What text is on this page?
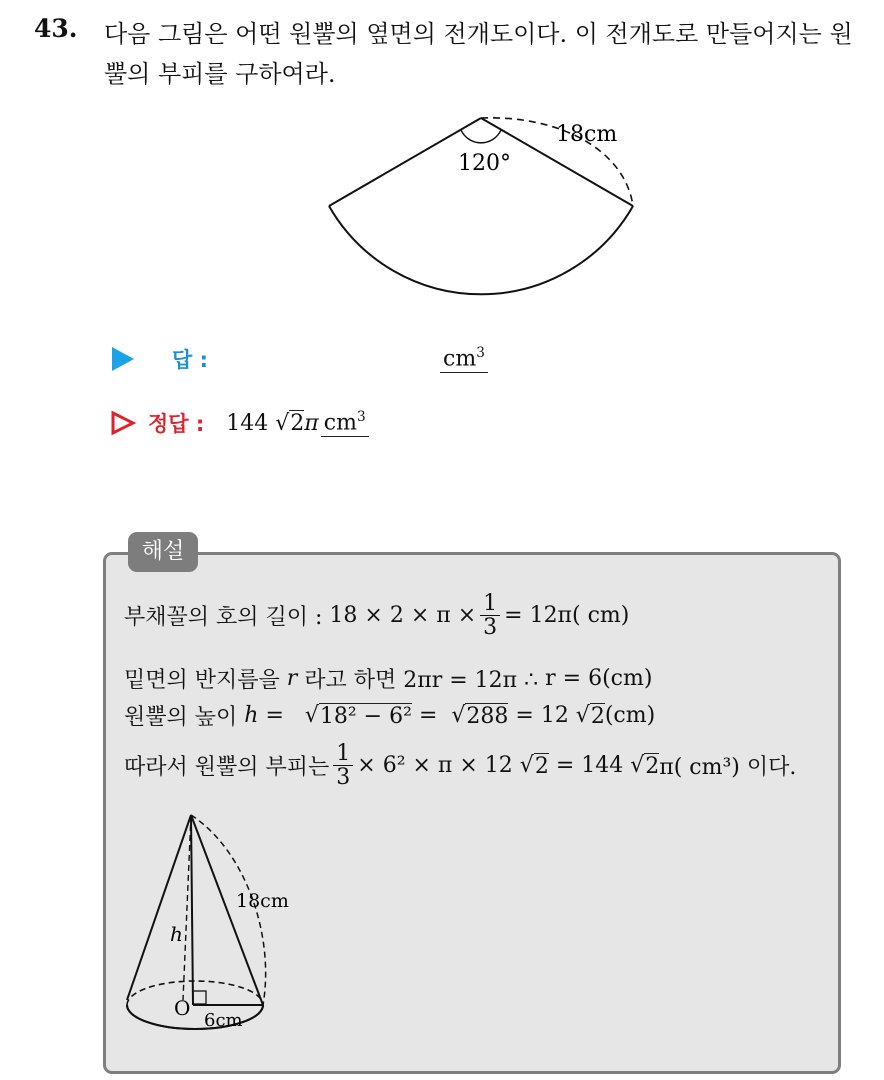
43. 다음 그림은 어떤 원뿔의 옆면의 전개도이다. 이 전개도로 만들어지는 원뿔의 부피를 구하여라.
120°
18cm
답 :	$cm^3$
정답 : 144 √2π $cm^3$
해설
부채꼴의 호의 길이 :
$18 \times 2 \times \pi \times \frac{1}{3} = 12\pi$( cm)
밑면의 반지름을
r
라고 하면 2πr = 12π ∴
r = 6(cm)
원뿔의 높이
h
= √ 18² − 6²
= √ 288
= 12 √ 2 (cm)
따라서 원뿔의 부피는 $\frac{1}{3} \times 6^2 \times \pi \times 12$ √ 2
= 144 √ 2 π( cm³) 이다.
18cm
h
O
6cm
